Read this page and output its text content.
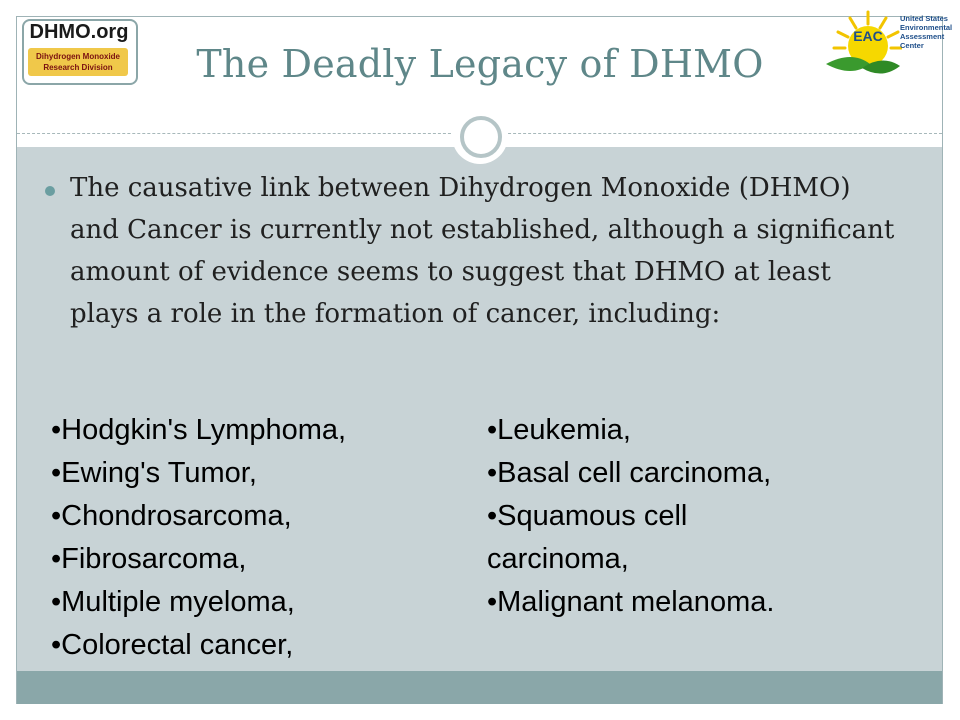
The Deadly Legacy of DHMO
DHMO.org
Dihydrogen Monoxide
Research Division
EAC
United States
Environmental
Assessment
Center
The causative link between Dihydrogen Monoxide (DHMO) and Cancer is currently not established, although a significant amount of evidence seems to suggest that DHMO at least plays a role in the formation of cancer, including:
•Hodgkin's Lymphoma,
•Ewing's Tumor,
•Chondrosarcoma,
•Fibrosarcoma,
•Multiple myeloma,
•Colorectal cancer,
•Leukemia,
•Basal cell carcinoma,
•Squamous cell carcinoma,
•Malignant melanoma.
